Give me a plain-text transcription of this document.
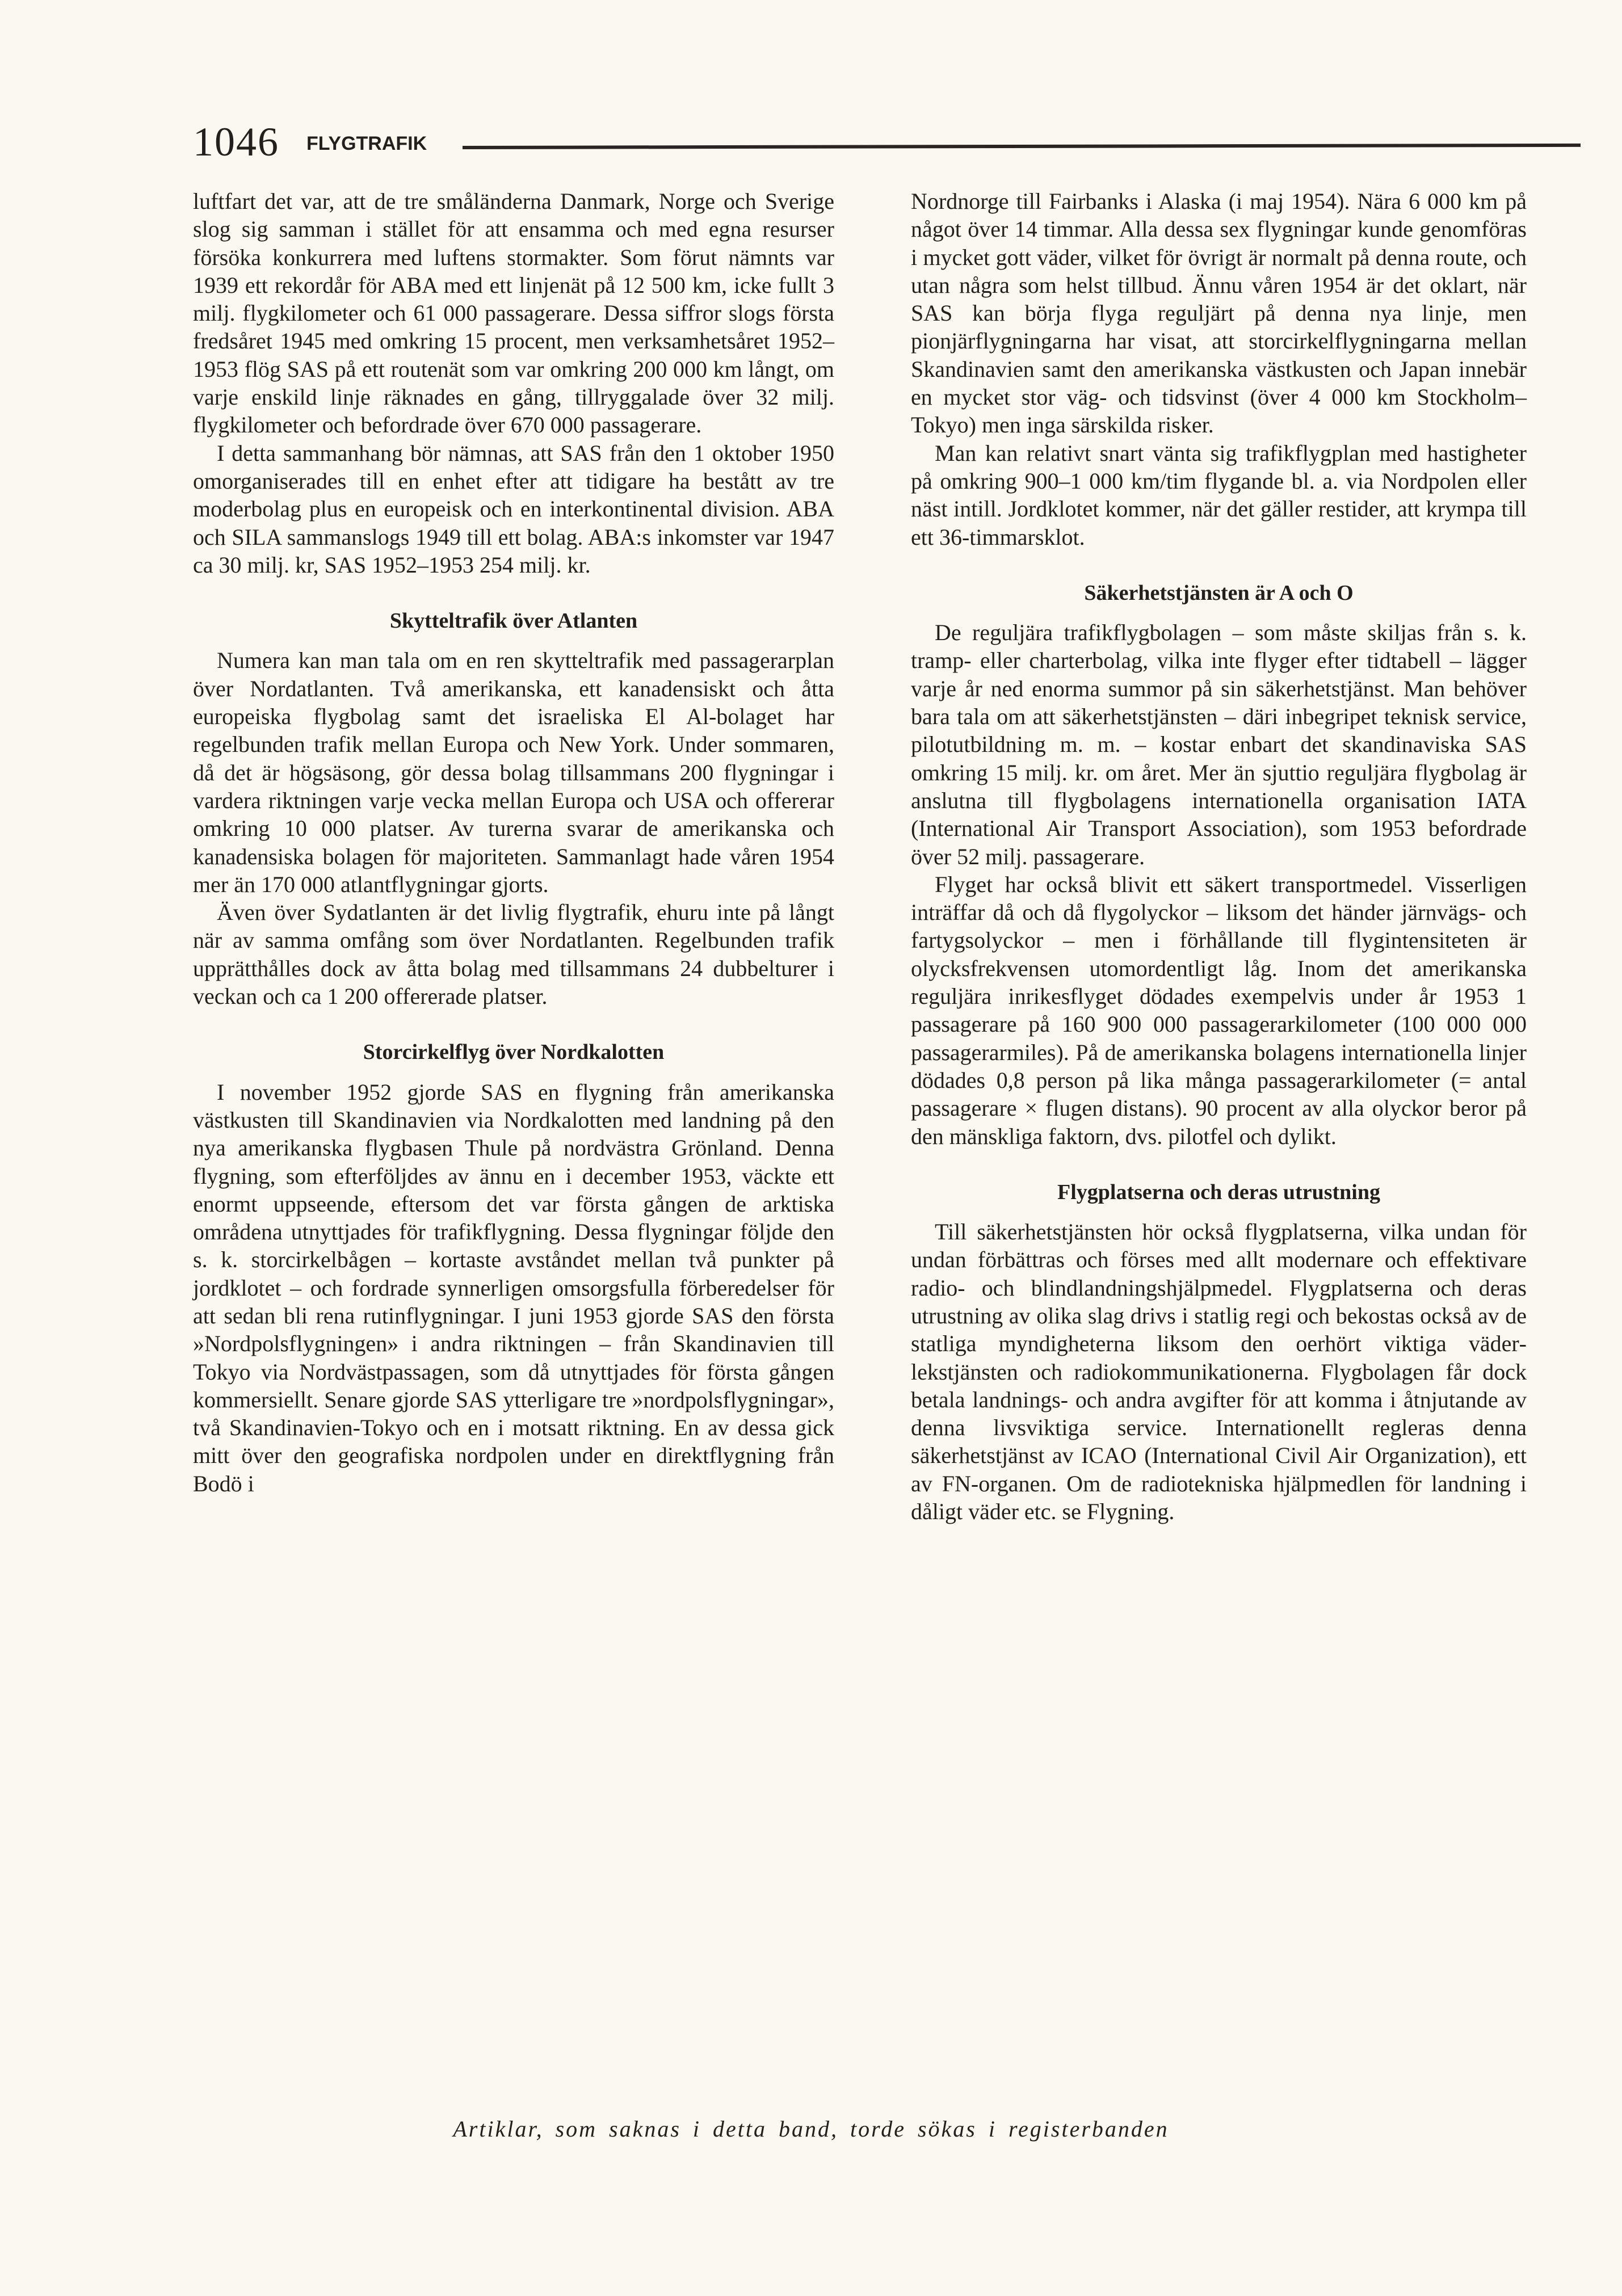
1046 FLYGTRAFIK

luftfart det var, att de tre småländerna Danmark, Norge och Sverige slog sig samman i stället för att ensamma och med egna resurser försöka konkurrera med luftens stormakter. Som förut nämnts var 1939 ett rekordår för ABA med ett linjenät på 12 500 km, icke fullt 3 milj. flygkilometer och 61 000 passagerare. Dessa siffror slogs första fredsåret 1945 med omkring 15 procent, men verksamhetsåret 1952–1953 flög SAS på ett routenät som var omkring 200 000 km långt, om varje enskild linje räknades en gång, tillryggalade över 32 milj. flygkilometer och befordrade över 670 000 passagerare.

I detta sammanhang bör nämnas, att SAS från den 1 oktober 1950 omorganiserades till en enhet efter att tidigare ha bestått av tre moderbolag plus en europeisk och en interkontinental division. ABA och SILA sammanslogs 1949 till ett bolag. ABA:s inkomster var 1947 ca 30 milj. kr, SAS 1952–1953 254 milj. kr.

Skytteltrafik över Atlanten

Numera kan man tala om en ren skytteltrafik med passagerarplan över Nordatlanten. Två amerikanska, ett kanadensiskt och åtta europeiska flygbolag samt det israeliska El Al-bolaget har regelbunden trafik mellan Europa och New York. Under sommaren, då det är högsäsong, gör dessa bolag tillsammans 200 flygningar i vardera riktningen varje vecka mellan Europa och USA och offererar omkring 10 000 platser. Av turerna svarar de amerikanska och kanadensiska bolagen för majoriteten. Sammanlagt hade våren 1954 mer än 170 000 atlantflygningar gjorts.

Även över Sydatlanten är det livlig flygtrafik, ehuru inte på långt när av samma omfång som över Nordatlanten. Regelbunden trafik upprätthålles dock av åtta bolag med tillsammans 24 dubbelturer i veckan och ca 1 200 offererade platser.

Storcirkelflyg över Nordkalotten

I november 1952 gjorde SAS en flygning från amerikanska västkusten till Skandinavien via Nordkalotten med landning på den nya amerikanska flygbasen Thule på nordvästra Grönland. Denna flygning, som efterföljdes av ännu en i december 1953, väckte ett enormt uppseende, eftersom det var första gången de arktiska områdena utnyttjades för trafikflygning. Dessa flygningar följde den s. k. storcirkelbågen – kortaste avståndet mellan två punkter på jordklotet – och fordrade synnerligen omsorgsfulla förberedelser för att sedan bli rena rutinflygningar. I juni 1953 gjorde SAS den första »Nordpolsflygningen» i andra riktningen – från Skandinavien till Tokyo via Nordvästpassagen, som då utnyttjades för första gången kommersiellt. Senare gjorde SAS ytterligare tre »nordpolsflygningar», två Skandinavien-Tokyo och en i motsatt riktning. En av dessa gick mitt över den geografiska nordpolen under en direktflygning från Bodö i

Nordnorge till Fairbanks i Alaska (i maj 1954). Nära 6 000 km på något över 14 timmar. Alla dessa sex flygningar kunde genomföras i mycket gott väder, vilket för övrigt är normalt på denna route, och utan några som helst tillbud. Ännu våren 1954 är det oklart, när SAS kan börja flyga reguljärt på denna nya linje, men pionjärflygningarna har visat, att storcirkelflygningarna mellan Skandinavien samt den amerikanska västkusten och Japan innebär en mycket stor väg- och tidsvinst (över 4 000 km Stockholm–Tokyo) men inga särskilda risker.

Man kan relativt snart vänta sig trafikflygplan med hastigheter på omkring 900–1 000 km/tim flygande bl. a. via Nordpolen eller näst intill. Jordklotet kommer, när det gäller restider, att krympa till ett 36-timmarsklot.

Säkerhetstjänsten är A och O

De reguljära trafikflygbolagen – som måste skiljas från s. k. tramp- eller charterbolag, vilka inte flyger efter tidtabell – lägger varje år ned enorma summor på sin säkerhetstjänst. Man behöver bara tala om att säkerhetstjänsten – däri inbegripet teknisk service, pilotutbildning m. m. – kostar enbart det skandinaviska SAS omkring 15 milj. kr. om året. Mer än sjuttio reguljära flygbolag är anslutna till flygbolagens internationella organisation IATA (International Air Transport Association), som 1953 befordrade över 52 milj. passagerare.

Flyget har också blivit ett säkert transportmedel. Visserligen inträffar då och då flygolyckor – liksom det händer järnvägs- och fartygsolyckor – men i förhållande till flygintensiteten är olycksfrekvensen utomordentligt låg. Inom det amerikanska reguljära inrikesflyget dödades exempelvis under år 1953 1 passagerare på 160 900 000 passagerarkilometer (100 000 000 passagerarmiles). På de amerikanska bolagens internationella linjer dödades 0,8 person på lika många passagerarkilometer (= antal passagerare × flugen distans). 90 procent av alla olyckor beror på den mänskliga faktorn, dvs. pilotfel och dylikt.

Flygplatserna och deras utrustning

Till säkerhetstjänsten hör också flygplatserna, vilka undan för undan förbättras och förses med allt modernare och effektivare radio- och blindlandningshjälpmedel. Flygplatserna och deras utrustning av olika slag drivs i statlig regi och bekostas också av de statliga myndigheterna liksom den oerhört viktiga väderlekstjänsten och radiokommunikationerna. Flygbolagen får dock betala landnings- och andra avgifter för att komma i åtnjutande av denna livsviktiga service. Internationellt regleras denna säkerhetstjänst av ICAO (International Civil Air Organization), ett av FN-organen. Om de radiotekniska hjälpmedlen för landning i dåligt väder etc. se Flygning.

Artiklar, som saknas i detta band, torde sökas i registerbanden
